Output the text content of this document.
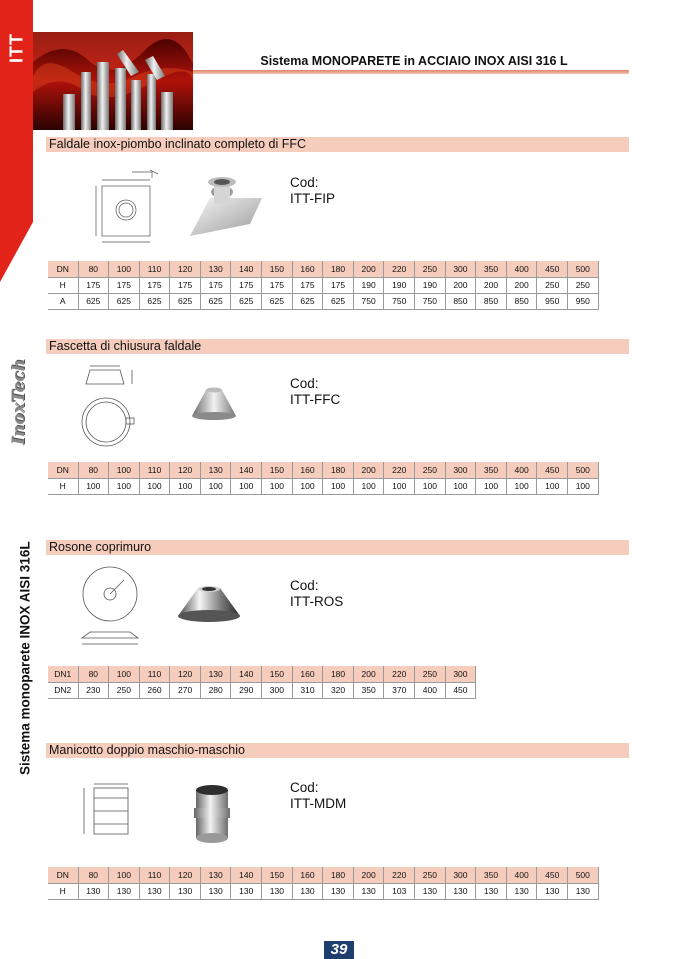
ITT
InoxTech
Sistema monoparete INOX AISI 316L
Sistema MONOPARETE in ACCIAIO INOX AISI 316 L
Faldale inox-piombo inclinato completo di FFC
Cod:
ITT-FIP
DN	80	100	110	120	130	140	150	160	180	200	220	250	300	350	400	450	500
H	175	175	175	175	175	175	175	175	175	190	190	190	200	200	200	250	250
A	625	625	625	625	625	625	625	625	625	750	750	750	850	850	850	950	950
Fascetta di chiusura faldale
Cod:
ITT-FFC
DN	80	100	110	120	130	140	150	160	180	200	220	250	300	350	400	450	500
H	100	100	100	100	100	100	100	100	100	100	100	100	100	100	100	100	100
Rosone coprimuro
Cod:
ITT-ROS
DN1	80	100	110	120	130	140	150	160	180	200	220	250	300
DN2	230	250	260	270	280	290	300	310	320	350	370	400	450
Manicotto doppio maschio-maschio
Cod:
ITT-MDM
DN	80	100	110	120	130	140	150	160	180	200	220	250	300	350	400	450	500
H	130	130	130	130	130	130	130	130	130	130	103	130	130	130	130	130	130
39
